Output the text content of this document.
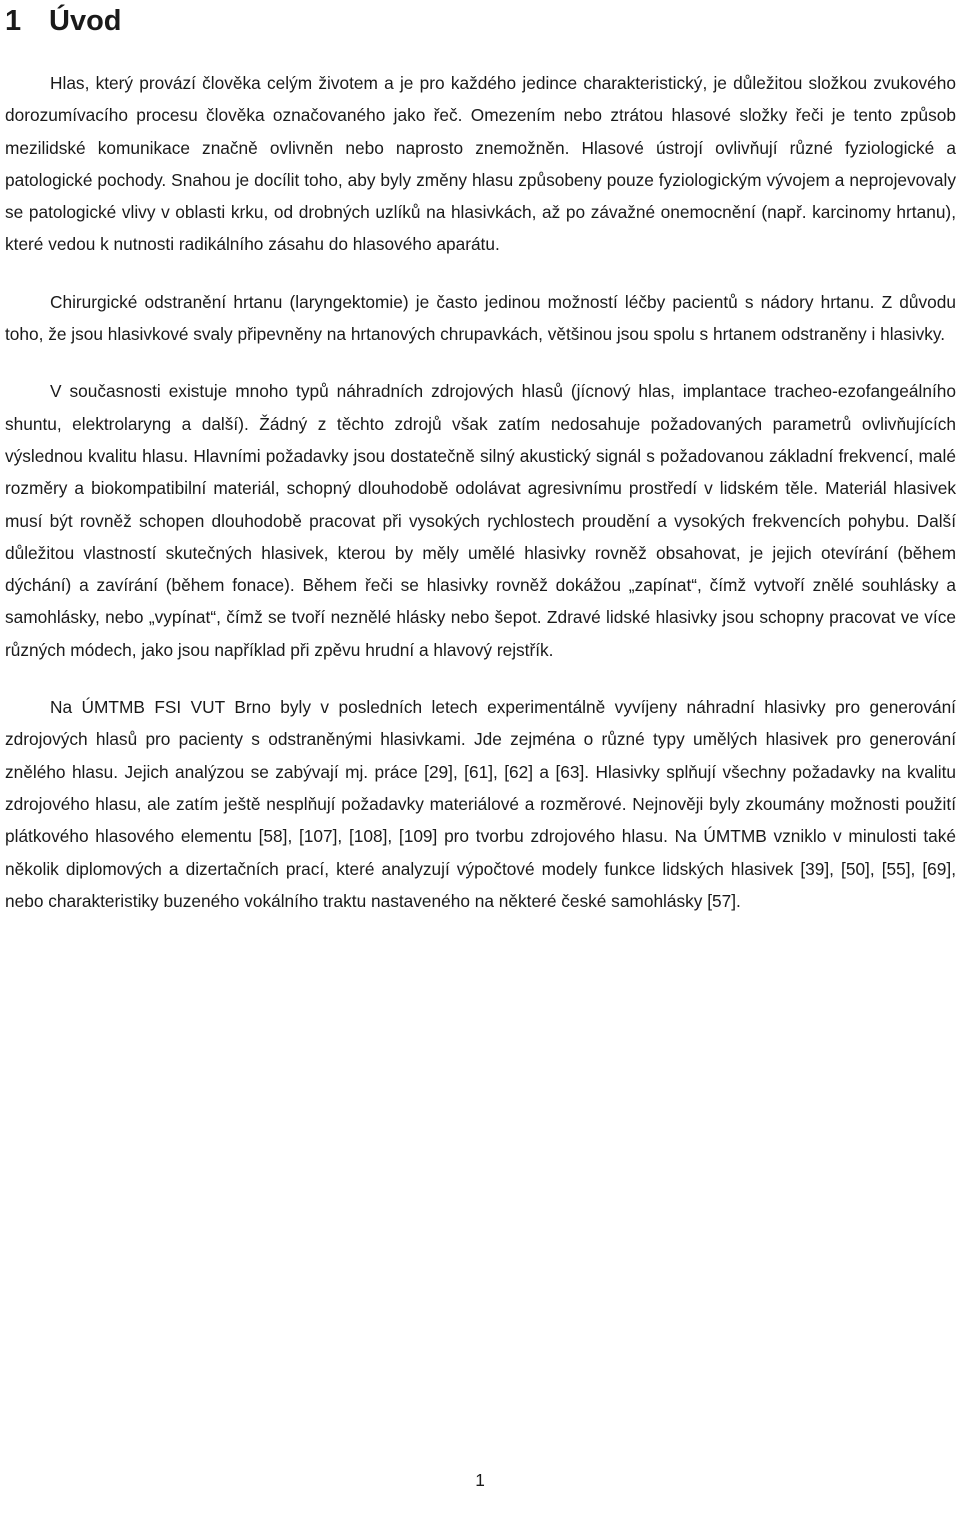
1 Úvod

Hlas, který provází člověka celým životem a je pro každého jedince charakteristický, je důležitou složkou zvukového dorozumívacího procesu člověka označovaného jako řeč. Omezením nebo ztrátou hlasové složky řeči je tento způsob mezilidské komunikace značně ovlivněn nebo naprosto znemožněn. Hlasové ústrojí ovlivňují různé fyziologické a patologické pochody. Snahou je docílit toho, aby byly změny hlasu způsobeny pouze fyziologickým vývojem a neprojevovaly se patologické vlivy v oblasti krku, od drobných uzlíků na hlasivkách, až po závažné onemocnění (např. karcinomy hrtanu), které vedou k nutnosti radikálního zásahu do hlasového aparátu.

Chirurgické odstranění hrtanu (laryngektomie) je často jedinou možností léčby pacientů s nádory hrtanu. Z důvodu toho, že jsou hlasivkové svaly připevněny na hrtanových chrupavkách, většinou jsou spolu s hrtanem odstraněny i hlasivky.

V současnosti existuje mnoho typů náhradních zdrojových hlasů (jícnový hlas, implantace tracheo-ezofangeálního shuntu, elektrolaryng a další). Žádný z těchto zdrojů však zatím nedosahuje požadovaných parametrů ovlivňujících výslednou kvalitu hlasu. Hlavními požadavky jsou dostatečně silný akustický signál s požadovanou základní frekvencí, malé rozměry a biokompatibilní materiál, schopný dlouhodobě odolávat agresivnímu prostředí v lidském těle. Materiál hlasivek musí být rovněž schopen dlouhodobě pracovat při vysokých rychlostech proudění a vysokých frekvencích pohybu. Další důležitou vlastností skutečných hlasivek, kterou by měly umělé hlasivky rovněž obsahovat, je jejich otevírání (během dýchání) a zavírání (během fonace). Během řeči se hlasivky rovněž dokážou „zapínat“, čímž vytvoří znělé souhlásky a samohlásky, nebo „vypínat“, čímž se tvoří neznělé hlásky nebo šepot. Zdravé lidské hlasivky jsou schopny pracovat ve více různých módech, jako jsou například při zpěvu hrudní a hlavový rejstřík.

Na ÚMTMB FSI VUT Brno byly v posledních letech experimentálně vyvíjeny náhradní hlasivky pro generování zdrojových hlasů pro pacienty s odstraněnými hlasivkami. Jde zejména o různé typy umělých hlasivek pro generování znělého hlasu. Jejich analýzou se zabývají mj. práce [29], [61], [62] a [63]. Hlasivky splňují všechny požadavky na kvalitu zdrojového hlasu, ale zatím ještě nesplňují požadavky materiálové a rozměrové. Nejnověji byly zkoumány možnosti použití plátkového hlasového elementu [58], [107], [108], [109] pro tvorbu zdrojového hlasu. Na ÚMTMB vzniklo v minulosti také několik diplomových a dizertačních prací, které analyzují výpočtové modely funkce lidských hlasivek [39], [50], [55], [69], nebo charakteristiky buzeného vokálního traktu nastaveného na některé české samohlásky [57].

1
